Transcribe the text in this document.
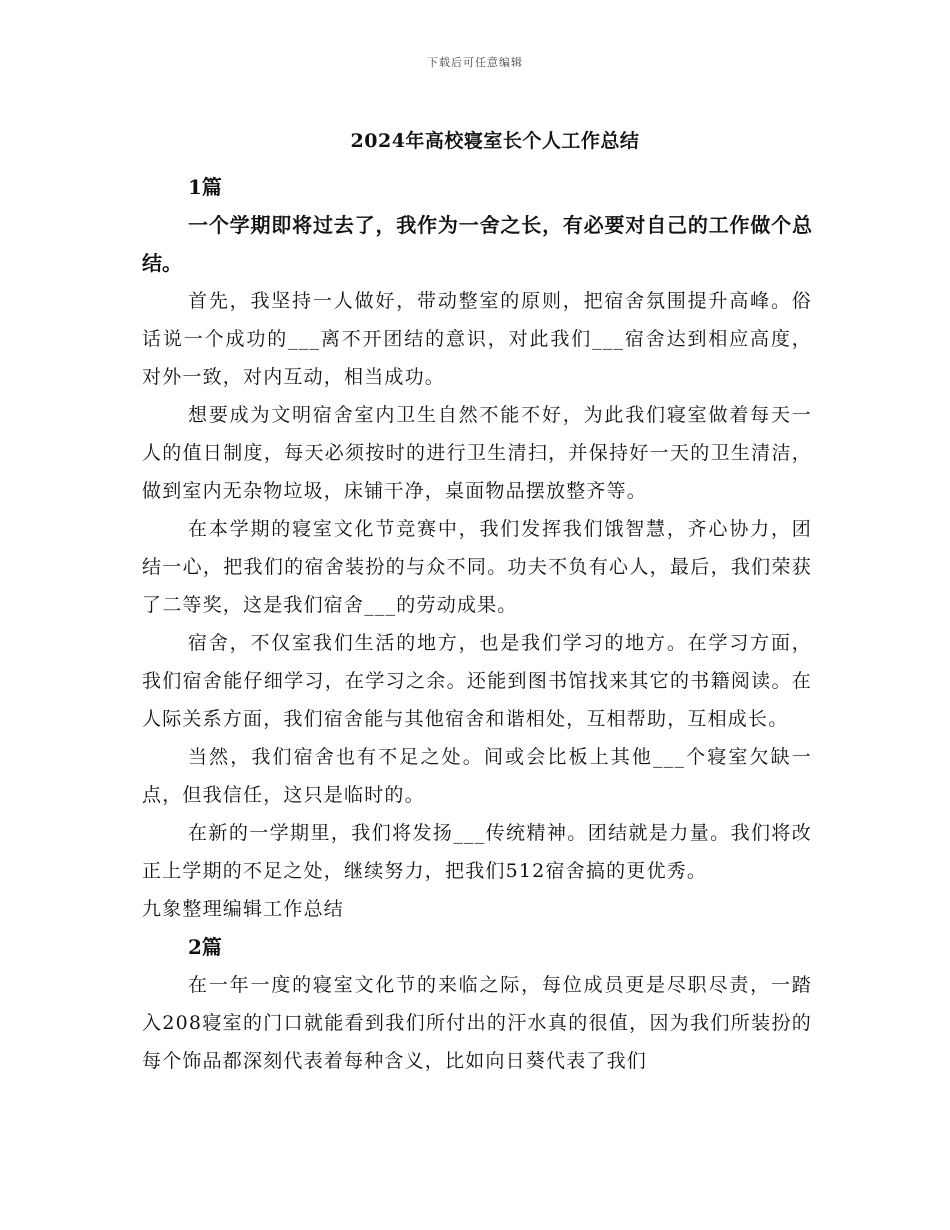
下载后可任意编辑
2024年高校寝室长个人工作总结
1篇
一个学期即将过去了，我作为一舍之长，有必要对自己的工作做个总结。
首先，我坚持一人做好，带动整室的原则，把宿舍氛围提升高峰。俗话说一个成功的___离不开团结的意识，对此我们___宿舍达到相应高度，对外一致，对内互动，相当成功。
想要成为文明宿舍室内卫生自然不能不好，为此我们寝室做着每天一人的值日制度，每天必须按时的进行卫生清扫，并保持好一天的卫生清洁，做到室内无杂物垃圾，床铺干净，桌面物品摆放整齐等。
在本学期的寝室文化节竞赛中，我们发挥我们饿智慧，齐心协力，团结一心，把我们的宿舍装扮的与众不同。功夫不负有心人，最后，我们荣获了二等奖，这是我们宿舍___的劳动成果。
宿舍，不仅室我们生活的地方，也是我们学习的地方。在学习方面，我们宿舍能仔细学习，在学习之余。还能到图书馆找来其它的书籍阅读。在人际关系方面，我们宿舍能与其他宿舍和谐相处，互相帮助，互相成长。
当然，我们宿舍也有不足之处。间或会比板上其他___个寝室欠缺一点，但我信任，这只是临时的。
在新的一学期里，我们将发扬___传统精神。团结就是力量。我们将改正上学期的不足之处，继续努力，把我们512宿舍搞的更优秀。
九象整理编辑工作总结
2篇
在一年一度的寝室文化节的来临之际，每位成员更是尽职尽责，一踏入208寝室的门口就能看到我们所付出的汗水真的很值，因为我们所装扮的每个饰品都深刻代表着每种含义，比如向日葵代表了我们
